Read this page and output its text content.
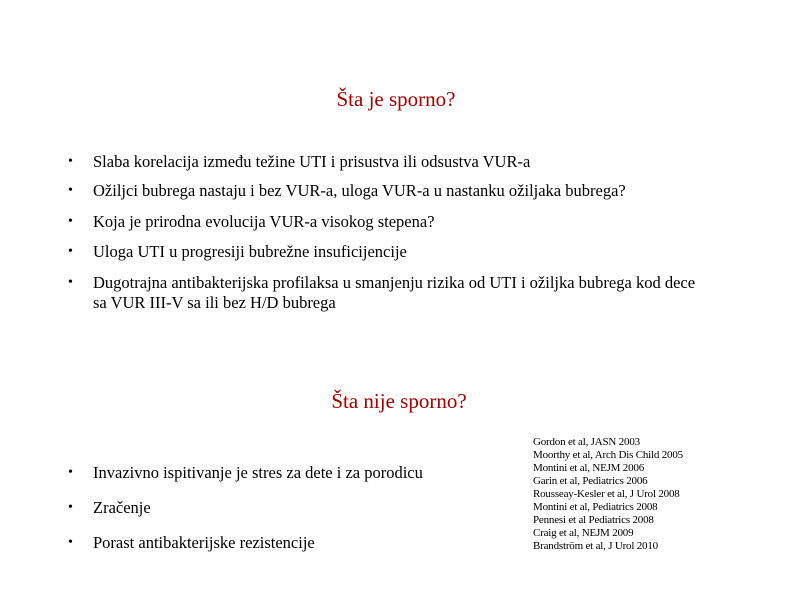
Šta je sporno?
• Slaba korelacija između težine UTI i prisustva ili odsustva VUR-a
• Ožiljci bubrega nastaju i bez VUR-a, uloga VUR-a u nastanku ožiljaka bubrega?
• Koja je prirodna evolucija VUR-a visokog stepena?
• Uloga UTI u progresiji bubrežne insuficijencije
• Dugotrajna antibakterijska profilaksa u smanjenju rizika od UTI i ožiljka bubrega kod dece sa VUR III-V sa ili bez H/D bubrega
Šta nije sporno?
• Invazivno ispitivanje je stres za dete i za porodicu
• Zračenje
• Porast antibakterijske rezistencije
Gordon et al, JASN 2003
Moorthy et al, Arch Dis Child 2005
Montini et al, NEJM 2006
Garin et al, Pediatrics 2006
Rousseay-Kesler et al, J Urol 2008
Montini et al, Pediatrics 2008
Pennesi et al Pediatrics 2008
Craig et al, NEJM 2009
Brandström et al, J Urol 2010
